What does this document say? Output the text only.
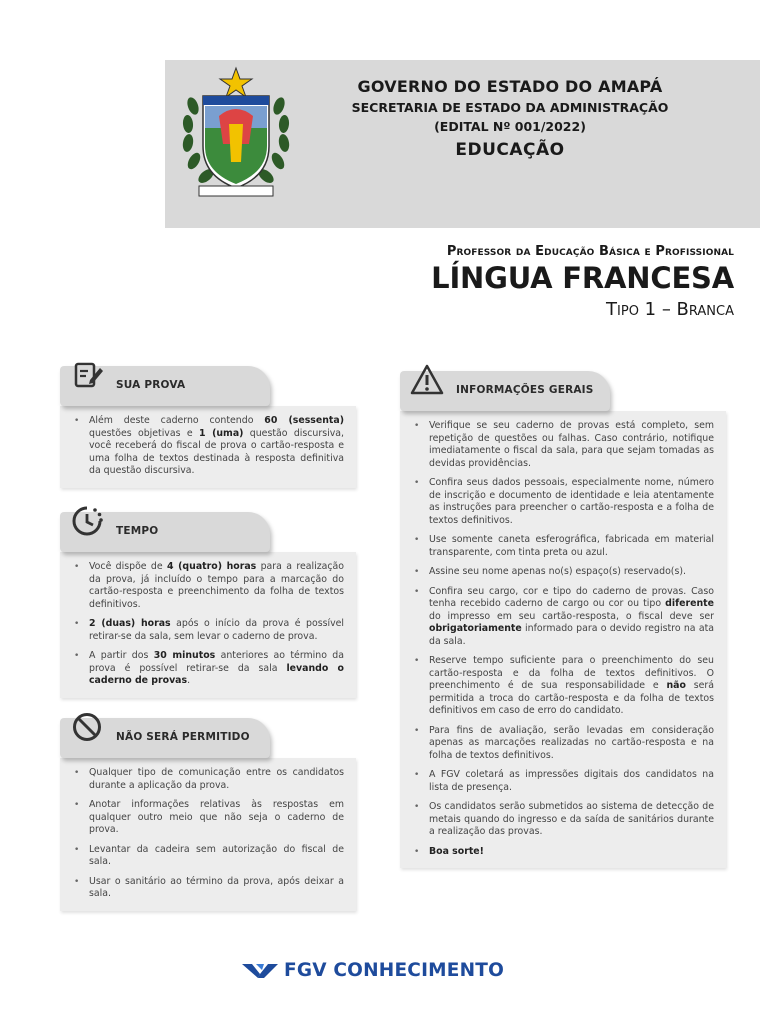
GOVERNO DO ESTADO DO AMAPÁ
SECRETARIA DE ESTADO DA ADMINISTRAÇÃO
(EDITAL Nº 001/2022)
EDUCAÇÃO
Professor da Educação Básica e Profissional
LÍNGUA FRANCESA
Tipo 1 – Branca
SUA PROVA
• Além deste caderno contendo 60 (sessenta) questões objetivas e 1 (uma) questão discursiva, você receberá do fiscal de prova o cartão-resposta e uma folha de textos destinada à resposta definitiva da questão discursiva.
TEMPO
• Você dispõe de 4 (quatro) horas para a realização da prova, já incluído o tempo para a marcação do cartão-resposta e preenchimento da folha de textos definitivos.
• 2 (duas) horas após o início da prova é possível retirar-se da sala, sem levar o caderno de prova.
• A partir dos 30 minutos anteriores ao término da prova é possível retirar-se da sala levando o caderno de provas.
NÃO SERÁ PERMITIDO
• Qualquer tipo de comunicação entre os candidatos durante a aplicação da prova.
• Anotar informações relativas às respostas em qualquer outro meio que não seja o caderno de prova.
• Levantar da cadeira sem autorização do fiscal de sala.
• Usar o sanitário ao término da prova, após deixar a sala.
INFORMAÇÕES GERAIS
• Verifique se seu caderno de provas está completo, sem repetição de questões ou falhas. Caso contrário, notifique imediatamente o fiscal da sala, para que sejam tomadas as devidas providências.
• Confira seus dados pessoais, especialmente nome, número de inscrição e documento de identidade e leia atentamente as instruções para preencher o cartão-resposta e a folha de textos definitivos.
• Use somente caneta esferográfica, fabricada em material transparente, com tinta preta ou azul.
• Assine seu nome apenas no(s) espaço(s) reservado(s).
• Confira seu cargo, cor e tipo do caderno de provas. Caso tenha recebido caderno de cargo ou cor ou tipo diferente do impresso em seu cartão-resposta, o fiscal deve ser obrigatoriamente informado para o devido registro na ata da sala.
• Reserve tempo suficiente para o preenchimento do seu cartão-resposta e da folha de textos definitivos. O preenchimento é de sua responsabilidade e não será permitida a troca do cartão-resposta e da folha de textos definitivos em caso de erro do candidato.
• Para fins de avaliação, serão levadas em consideração apenas as marcações realizadas no cartão-resposta e na folha de textos definitivos.
• A FGV coletará as impressões digitais dos candidatos na lista de presença.
• Os candidatos serão submetidos ao sistema de detecção de metais quando do ingresso e da saída de sanitários durante a realização das provas.
• Boa sorte!
FGV CONHECIMENTO
